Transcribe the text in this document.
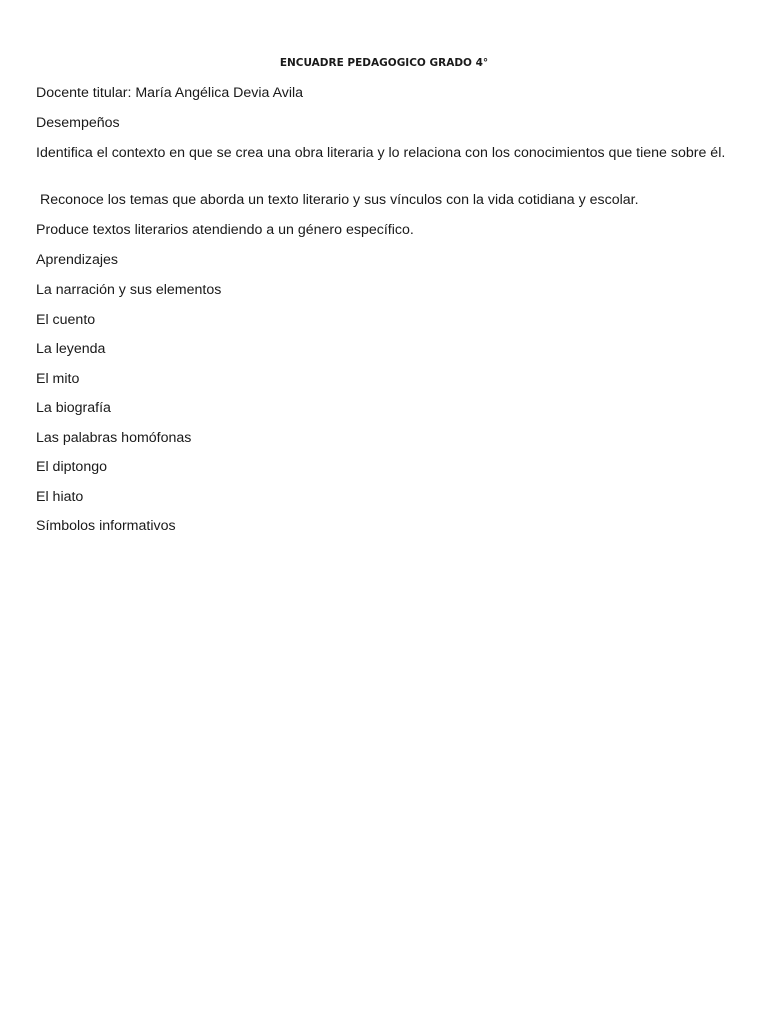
ENCUADRE PEDAGOGICO GRADO 4°
Docente titular: María Angélica Devia Avila
Desempeños
Identifica el contexto en que se crea una obra literaria y lo relaciona con los conocimientos que tiene sobre él.
Reconoce los temas que aborda un texto literario y sus vínculos con la vida cotidiana y escolar.
Produce textos literarios atendiendo a un género específico.
Aprendizajes
La narración y sus elementos
El cuento
La leyenda
El mito
La biografía
Las palabras homófonas
El diptongo
El hiato
Símbolos informativos
